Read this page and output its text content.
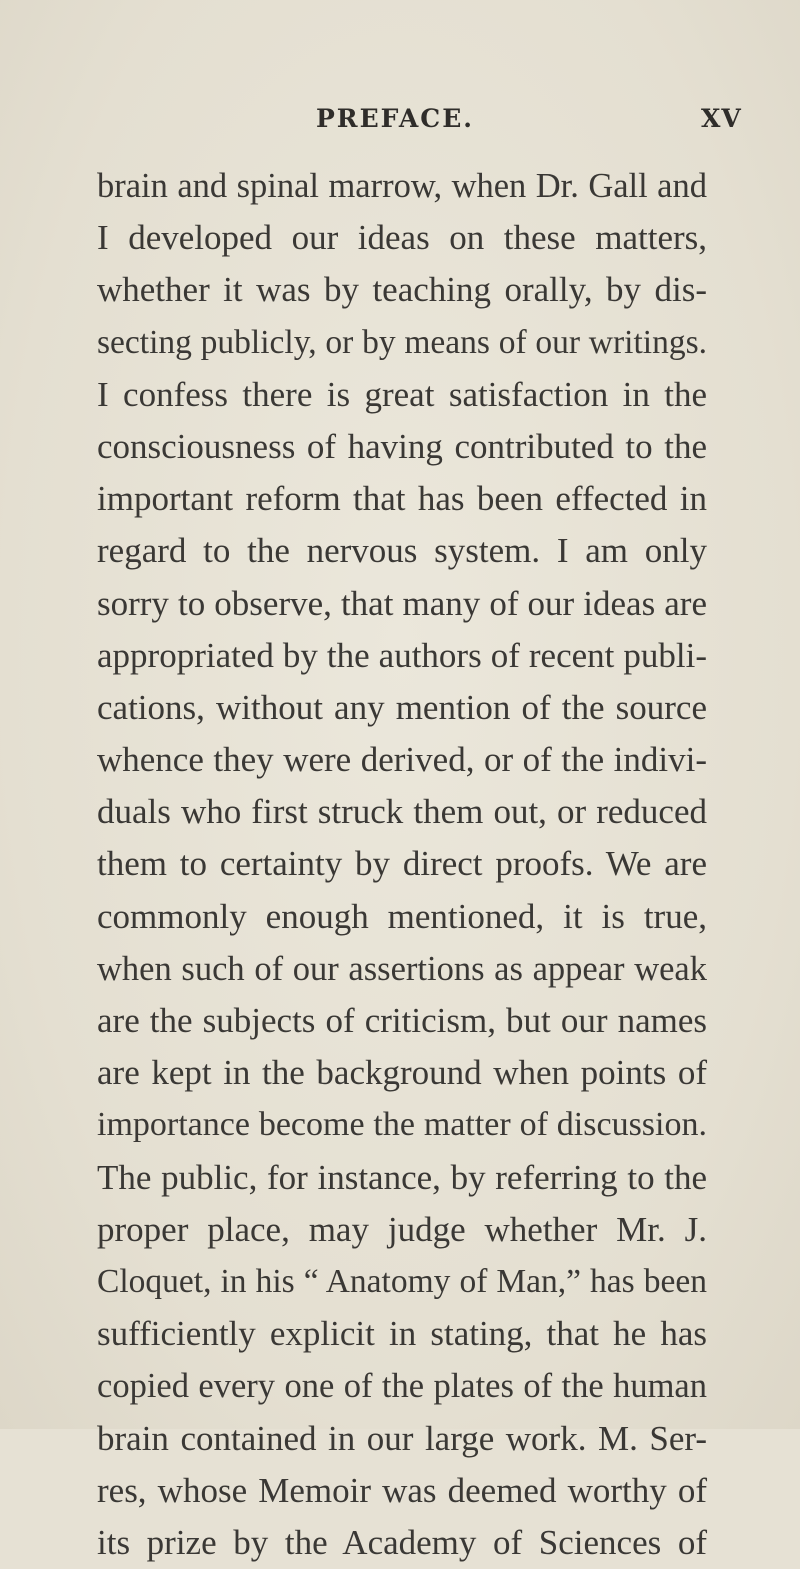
PREFACE.	XV
brain and spinal marrow, when Dr. Gall and
I developed our ideas on these matters,
whether it was by teaching orally, by dis-
secting publicly, or by means of our writings.
I confess there is great satisfaction in the
consciousness of having contributed to the
important reform that has been effected in
regard to the nervous system. I am only
sorry to observe, that many of our ideas are
appropriated by the authors of recent publi-
cations, without any mention of the source
whence they were derived, or of the indivi-
duals who first struck them out, or reduced
them to certainty by direct proofs. We are
commonly enough mentioned, it is true,
when such of our assertions as appear weak
are the subjects of criticism, but our names
are kept in the background when points of
importance become the matter of discussion.
The public, for instance, by referring to the
proper place, may judge whether Mr. J.
Cloquet, in his “ Anatomy of Man,” has been
sufficiently explicit in stating, that he has
copied every one of the plates of the human
brain contained in our large work. M. Ser-
res, whose Memoir was deemed worthy of
its prize by the Academy of Sciences of
